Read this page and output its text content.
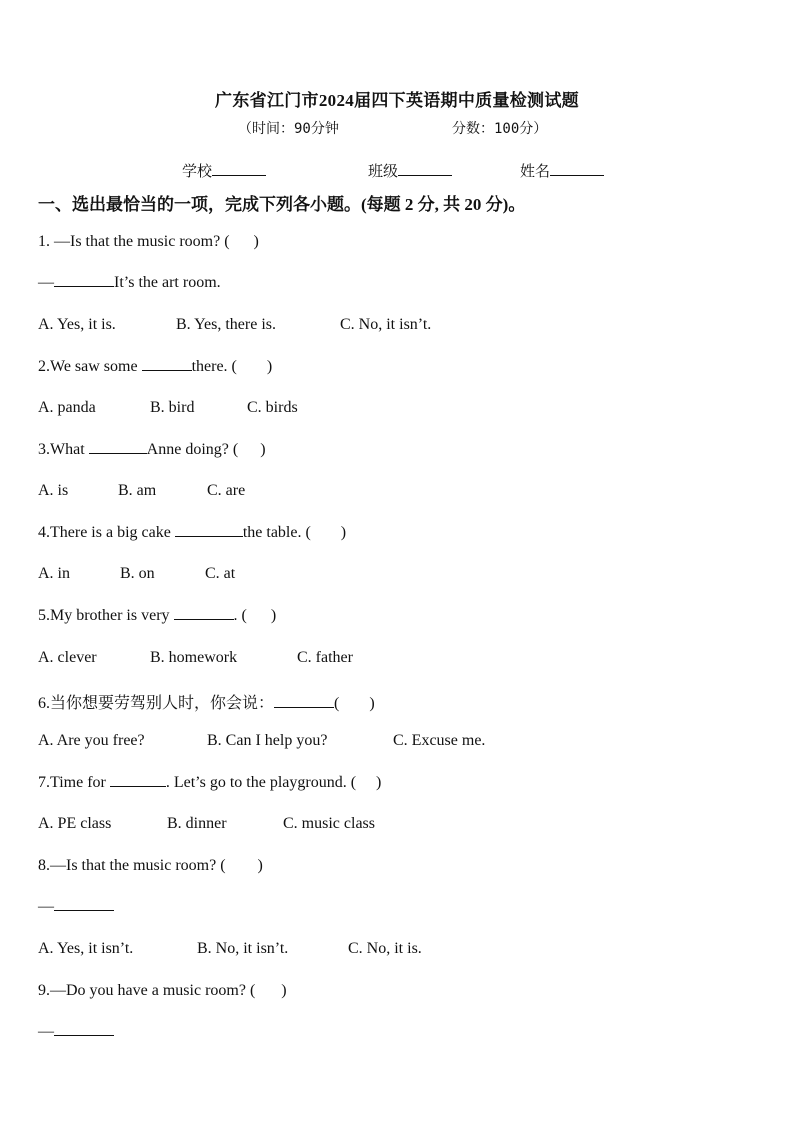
广东省江门市2024届四下英语期中质量检测试题
（时间：90分钟	分数：100分）
学校	班级	姓名
一、选出最恰当的一项，完成下列各小题。(每题 2 分, 共 20 分)。
1. —Is that the music room? ( )
—	It’s the art room.
A. Yes, it is.	B. Yes, there is.	C. No, it isn’t.
2.We saw some	there. ( )
A. panda	B. bird	C. birds
3.What	Anne doing? ( )
A. is	B. am	C. are
4.There is a big cake	the table. ( )
A. in	B. on	C. at
5.My brother is very	. ( )
A. clever	B. homework	C. father
6.当你想要劳驾别人时，你会说：	( )
A. Are you free?	B. Can I help you?	C. Excuse me.
7.Time for	. Let’s go to the playground. ( )
A. PE class	B. dinner	C. music class
8.—Is that the music room? ( )
—
A. Yes, it isn’t.	B. No, it isn’t.	C. No, it is.
9.—Do you have a music room? ( )
—
